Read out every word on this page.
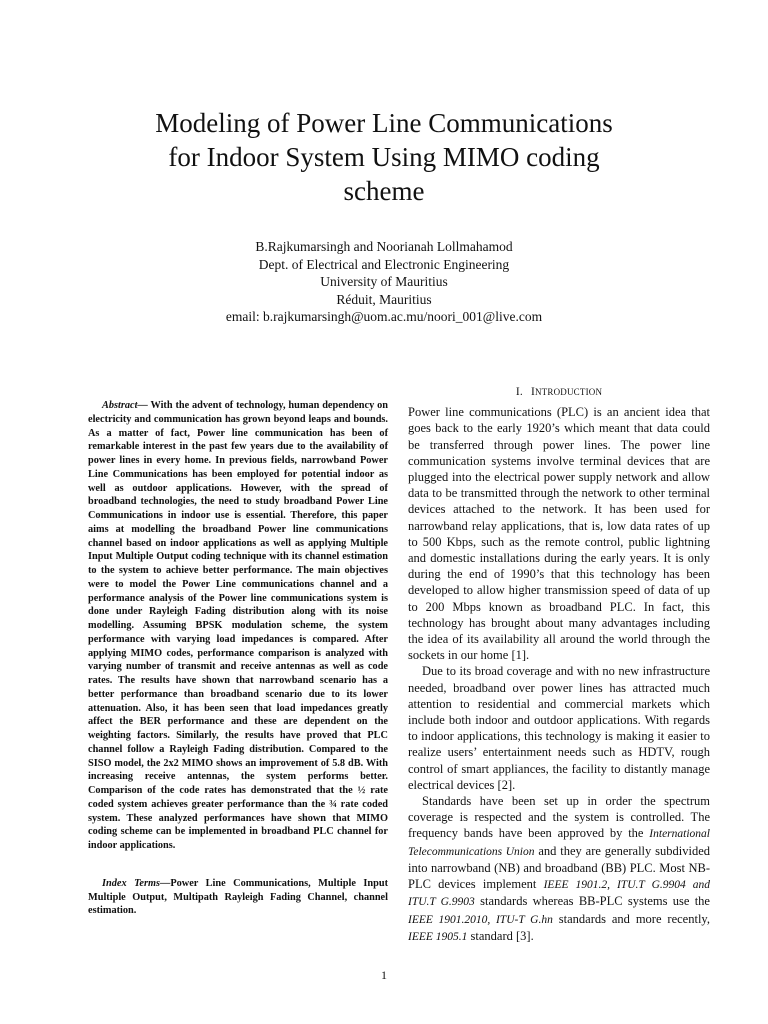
Modeling of Power Line Communications
for Indoor System Using MIMO coding
scheme
B.Rajkumarsingh and Noorianah Lollmahamod
Dept. of Electrical and Electronic Engineering
University of Mauritius
Réduit, Mauritius
email: b.rajkumarsingh@uom.ac.mu/noori_001@live.com

Abstract— With the advent of technology, human dependency on electricity and communication has grown beyond leaps and bounds. As a matter of fact, Power line communication has been of remarkable interest in the past few years due to the availability of power lines in every home. In previous fields, narrowband Power Line Communications has been employed for potential indoor as well as outdoor applications. However, with the spread of broadband technologies, the need to study broadband Power Line Communications in indoor use is essential. Therefore, this paper aims at modelling the broadband Power line communications channel based on indoor applications as well as applying Multiple Input Multiple Output coding technique with its channel estimation to the system to achieve better performance. The main objectives were to model the Power Line communications channel and a performance analysis of the Power line communications system is done under Rayleigh Fading distribution along with its noise modelling. Assuming BPSK modulation scheme, the system performance with varying load impedances is compared. After applying MIMO codes, performance comparison is analyzed with varying number of transmit and receive antennas as well as code rates. The results have shown that narrowband scenario has a better performance than broadband scenario due to its lower attenuation. Also, it has been seen that load impedances greatly affect the BER performance and these are dependent on the weighting factors. Similarly, the results have proved that PLC channel follow a Rayleigh Fading distribution. Compared to the SISO model, the 2x2 MIMO shows an improvement of 5.8 dB. With increasing receive antennas, the system performs better. Comparison of the code rates has demonstrated that the ½ rate coded system achieves greater performance than the ¾ rate coded system. These analyzed performances have shown that MIMO coding scheme can be implemented in broadband PLC channel for indoor applications.

Index Terms—Power Line Communications, Multiple Input Multiple Output, Multipath Rayleigh Fading Channel, channel estimation.

I. INTRODUCTION

Power line communications (PLC) is an ancient idea that goes back to the early 1920’s which meant that data could be transferred through power lines. The power line communication systems involve terminal devices that are plugged into the electrical power supply network and allow data to be transmitted through the network to other terminal devices attached to the network. It has been used for narrowband relay applications, that is, low data rates of up to 500 Kbps, such as the remote control, public lightning and domestic installations during the early years. It is only during the end of 1990’s that this technology has been developed to allow higher transmission speed of data of up to 200 Mbps known as broadband PLC. In fact, this technology has brought about many advantages including the idea of its availability all around the world through the sockets in our home [1].

Due to its broad coverage and with no new infrastructure needed, broadband over power lines has attracted much attention to residential and commercial markets which include both indoor and outdoor applications. With regards to indoor applications, this technology is making it easier to realize users’ entertainment needs such as HDTV, rough control of smart appliances, the facility to distantly manage electrical devices [2].

Standards have been set up in order the spectrum coverage is respected and the system is controlled. The frequency bands have been approved by the International Telecommunications Union and they are generally subdivided into narrowband (NB) and broadband (BB) PLC. Most NB-PLC devices implement IEEE 1901.2, ITU.T G.9904 and ITU.T G.9903 standards whereas BB-PLC systems use the IEEE 1901.2010, ITU-T G.hn standards and more recently, IEEE 1905.1 standard [3].

1
